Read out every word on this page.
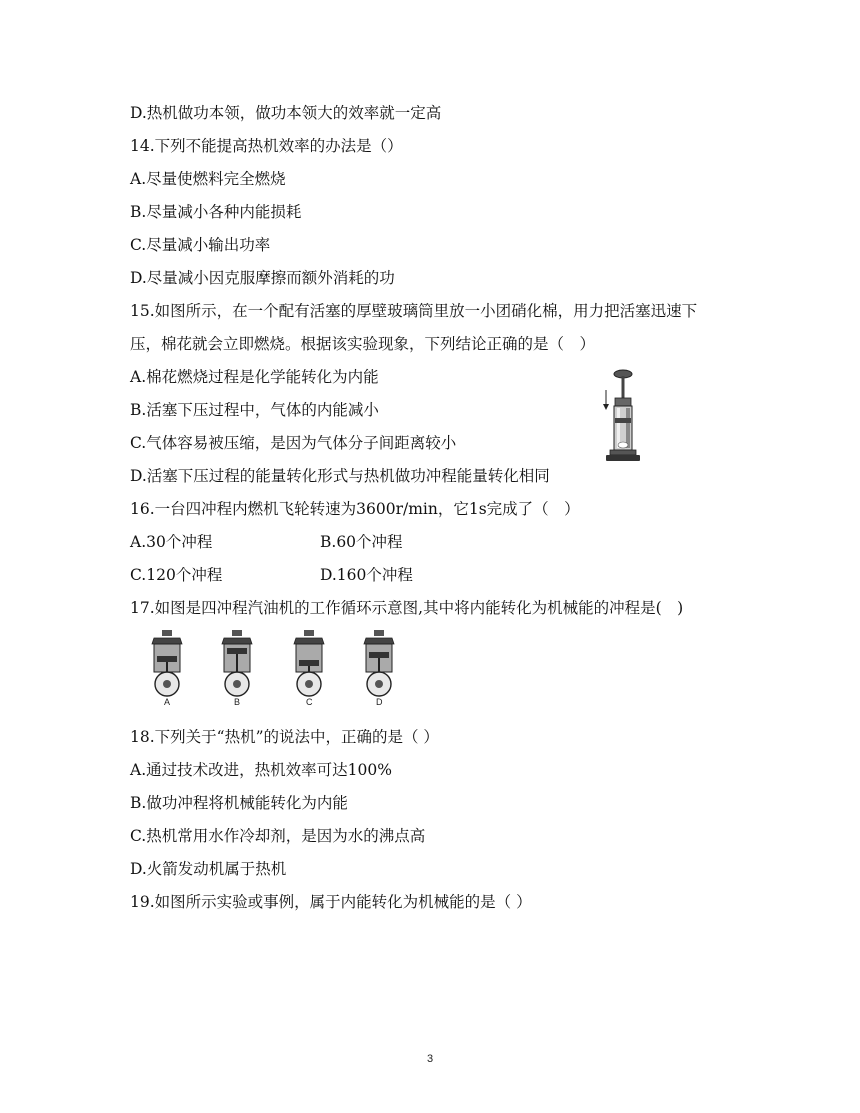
D.热机做功本领，做功本领大的效率就一定高
14.下列不能提高热机效率的办法是（）
A.尽量使燃料完全燃烧
B.尽量减小各种内能损耗
C.尽量减小输出功率
D.尽量减小因克服摩擦而额外消耗的功
15.如图所示，在一个配有活塞的厚壁玻璃筒里放一小团硝化棉，用力把活塞迅速下
压，棉花就会立即燃烧。根据该实验现象，下列结论正确的是（　）
A.棉花燃烧过程是化学能转化为内能
B.活塞下压过程中，气体的内能减小
C.气体容易被压缩，是因为气体分子间距离较小
D.活塞下压过程的能量转化形式与热机做功冲程能量转化相同
16.一台四冲程内燃机飞轮转速为3600r/min，它1s完成了（　）
A.30个冲程	B.60个冲程
C.120个冲程	D.160个冲程
17.如图是四冲程汽油机的工作循环示意图,其中将内能转化为机械能的冲程是(　)
A	B	C	D
18.下列关于“热机”的说法中，正确的是（ ）
A.通过技术改进，热机效率可达100%
B.做功冲程将机械能转化为内能
C.热机常用水作冷却剂，是因为水的沸点高
D.火箭发动机属于热机
19.如图所示实验或事例，属于内能转化为机械能的是（ ）
3
